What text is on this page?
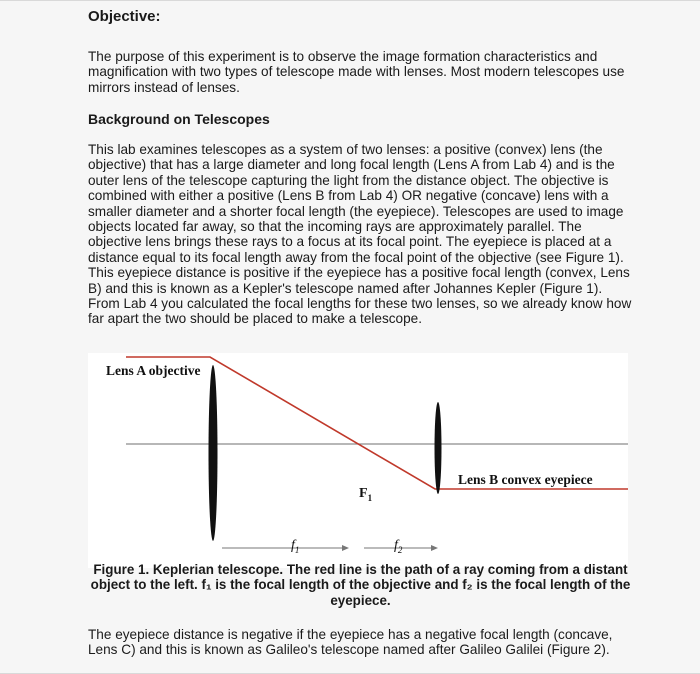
Objective:

The purpose of this experiment is to observe the image formation characteristics and magnification with two types of telescope made with lenses. Most modern telescopes use mirrors instead of lenses.

Background on Telescopes

This lab examines telescopes as a system of two lenses: a positive (convex) lens (the objective) that has a large diameter and long focal length (Lens A from Lab 4) and is the outer lens of the telescope capturing the light from the distance object. The objective is combined with either a positive (Lens B from Lab 4) OR negative (concave) lens with a smaller diameter and a shorter focal length (the eyepiece). Telescopes are used to image objects located far away, so that the incoming rays are approximately parallel. The objective lens brings these rays to a focus at its focal point. The eyepiece is placed at a distance equal to its focal length away from the focal point of the objective (see Figure 1). This eyepiece distance is positive if the eyepiece has a positive focal length (convex, Lens B) and this is known as a Kepler's telescope named after Johannes Kepler (Figure 1). From Lab 4 you calculated the focal lengths for these two lenses, so we already know how far apart the two should be placed to make a telescope.

Lens A objective
Lens B convex eyepiece
$F_1$
$f_1$	$f_2$
Figure 1. Keplerian telescope. The red line is the path of a ray coming from a distant object to the left. f₁ is the focal length of the objective and f₂ is the focal length of the eyepiece.

The eyepiece distance is negative if the eyepiece has a negative focal length (concave, Lens C) and this is known as Galileo's telescope named after Galileo Galilei (Figure 2).
